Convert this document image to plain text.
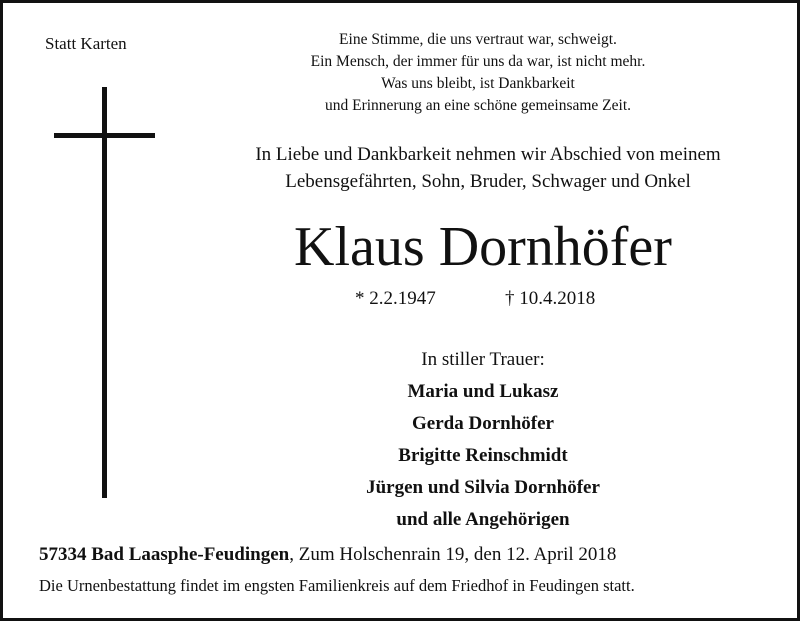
Statt Karten	Eine Stimme, die uns vertraut war, schweigt.
Ein Mensch, der immer für uns da war, ist nicht mehr.
Was uns bleibt, ist Dankbarkeit
und Erinnerung an eine schöne gemeinsame Zeit.
In Liebe und Dankbarkeit nehmen wir Abschied von meinem
Lebensgefährten, Sohn, Bruder, Schwager und Onkel
Klaus Dornhöfer
* 2.2.1947	† 10.4.2018
In stiller Trauer:
Maria und Lukasz
Gerda Dornhöfer
Brigitte Reinschmidt
Jürgen und Silvia Dornhöfer
und alle Angehörigen
57334 Bad Laasphe-Feudingen, Zum Holschenrain 19, den 12. April 2018
Die Urnenbestattung findet im engsten Familienkreis auf dem Friedhof in Feudingen statt.
